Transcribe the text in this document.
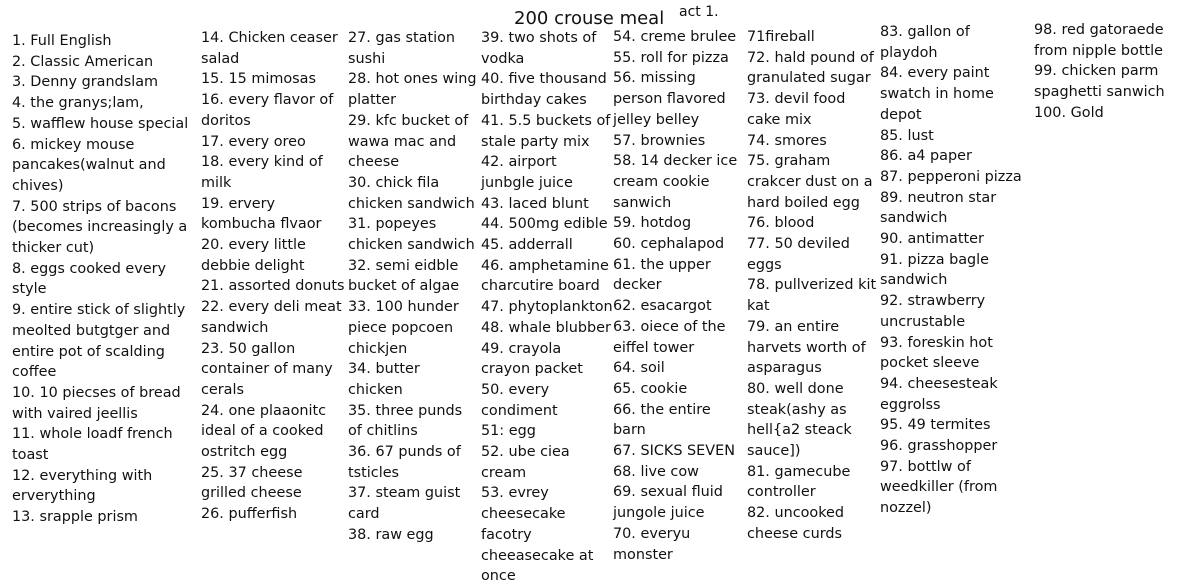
200 crouse meal act 1.
1. Full English
2. Classic American
3. Denny grandslam
4. the granys;lam,
5. wafflew house special
6. mickey mouse pancakes(walnut and chives)
7. 500 strips of bacons (becomes increasingly a thicker cut)
8. eggs cooked every style
9. entire stick of slightly meolted butgtger and entire pot of scalding coffee
10. 10 piecses of bread with vaired jeellis
11. whole loadf french toast
12. everything with erverything
13. srapple prism
14. Chicken ceaser salad
15. 15 mimosas
16. every flavor of doritos
17. every oreo
18. every kind of milk
19. ervery kombucha flvaor
20. every little debbie delight
21. assorted donuts
22. every deli meat sandwich
23. 50 gallon container of many cerals
24. one plaaonitc ideal of a cooked ostritch egg
25. 37 cheese grilled cheese
26. pufferfish
27. gas station sushi
28. hot ones wing platter
29. kfc bucket of wawa mac and cheese
30. chick fila chicken sandwich
31. popeyes chicken sandwich
32. semi eidble bucket of algae
33. 100 hunder piece popcoen chickjen
34. butter chicken
35. three punds of chitlins
36. 67 punds of tsticles
37. steam guist card
38. raw egg
39. two shots of vodka
40. five thousand birthday cakes
41. 5.5 buckets of stale party mix
42. airport junbgle juice
43. laced blunt
44. 500mg edible
45. adderrall
46. amphetamine charcutire board
47. phytoplankton
48. whale blubber
49. crayola crayon packet
50. every condiment
51: egg
52. ube ciea cream
53. evrey cheesecake facotry cheeasecake at once
54. creme brulee
55. roll for pizza
56. missing person flavored jelley belley
57. brownies
58. 14 decker ice cream cookie sanwich
59. hotdog
60. cephalapod
61. the upper decker
62. esacargot
63. oiece of the eiffel tower
64. soil
65. cookie
66. the entire barn
67. SICKS SEVEN
68. live cow
69. sexual fluid jungole juice
70. everyu monster
71fireball
72. hald pound of granulated sugar
73. devil food cake mix
74. smores
75. graham crakcer dust on a hard boiled egg
76. blood
77. 50 deviled eggs
78. pullverized kit kat
79. an entire harvets worth of asparagus
80. well done steak(ashy as hell{a2 steack sauce])
81. gamecube controller
82. uncooked cheese curds
83. gallon of playdoh
84. every paint swatch in home depot
85. lust
86. a4 paper
87. pepperoni pizza
89. neutron star sandwich
90. antimatter
91. pizza bagle sandwich
92. strawberry uncrustable
93. foreskin hot pocket sleeve
94. cheesesteak eggrolss
95. 49 termites
96. grasshopper
97. bottlw of weedkiller (from nozzel)
98. red gatoraede from nipple bottle
99. chicken parm spaghetti sanwich
100. Gold
